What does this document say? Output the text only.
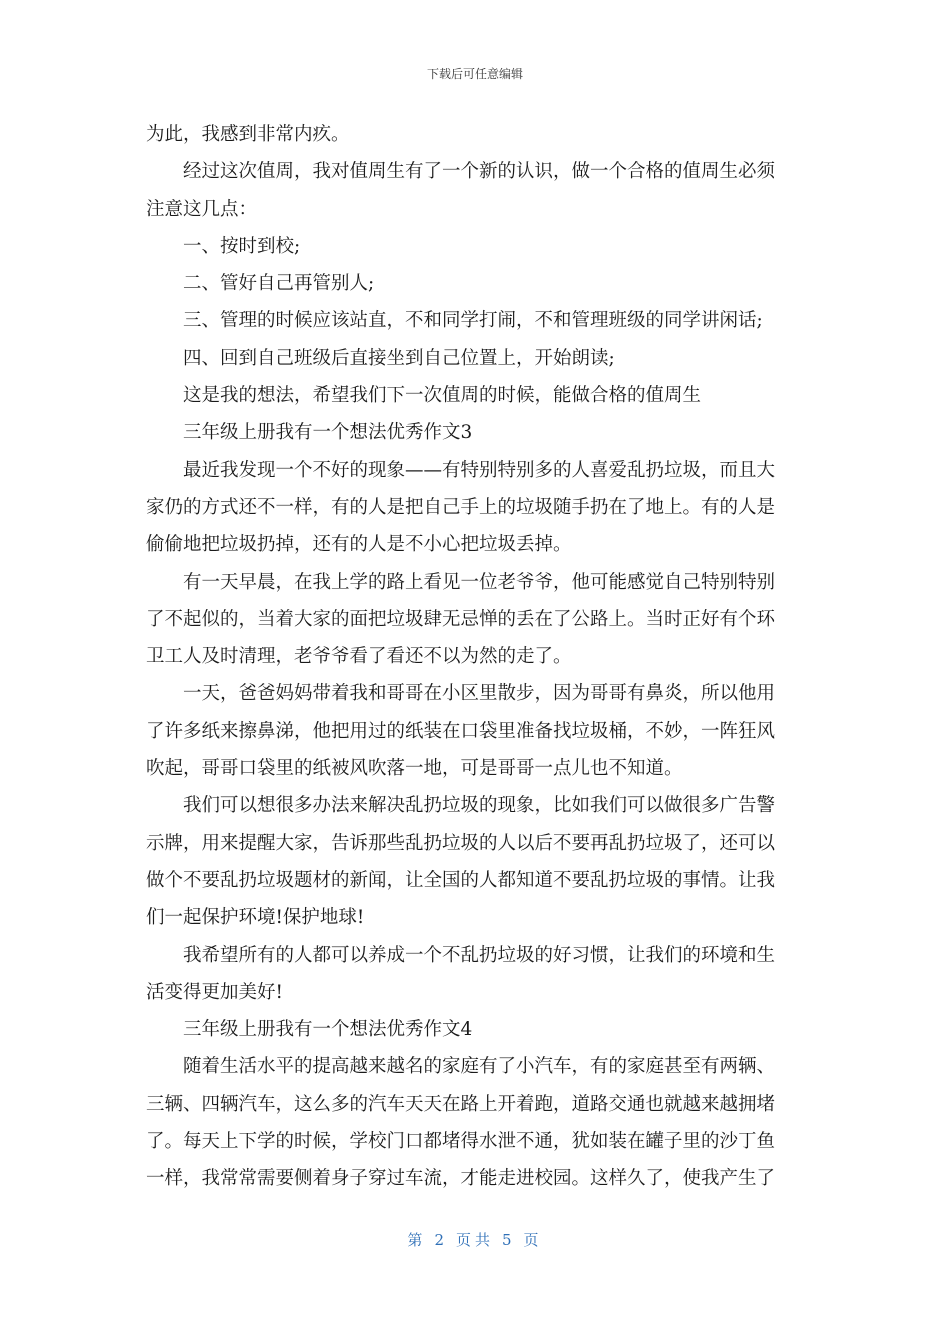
下载后可任意编辑
为此，我感到非常内疚。
经过这次值周，我对值周生有了一个新的认识，做一个合格的值周生必须
注意这几点：
一、按时到校;
二、管好自己再管别人;
三、管理的时候应该站直，不和同学打闹，不和管理班级的同学讲闲话;
四、回到自己班级后直接坐到自己位置上，开始朗读;
这是我的想法，希望我们下一次值周的时候，能做合格的值周生
三年级上册我有一个想法优秀作文3
最近我发现一个不好的现象——有特别特别多的人喜爱乱扔垃圾，而且大
家仍的方式还不一样，有的人是把自己手上的垃圾随手扔在了地上。有的人是
偷偷地把垃圾扔掉，还有的人是不小心把垃圾丢掉。
有一天早晨，在我上学的路上看见一位老爷爷，他可能感觉自己特别特别
了不起似的，当着大家的面把垃圾肆无忌惮的丢在了公路上。当时正好有个环
卫工人及时清理，老爷爷看了看还不以为然的走了。
一天，爸爸妈妈带着我和哥哥在小区里散步，因为哥哥有鼻炎，所以他用
了许多纸来擦鼻涕，他把用过的纸装在口袋里准备找垃圾桶，不妙，一阵狂风
吹起，哥哥口袋里的纸被风吹落一地，可是哥哥一点儿也不知道。
我们可以想很多办法来解决乱扔垃圾的现象，比如我们可以做很多广告警
示牌，用来提醒大家，告诉那些乱扔垃圾的人以后不要再乱扔垃圾了，还可以
做个不要乱扔垃圾题材的新闻，让全国的人都知道不要乱扔垃圾的事情。让我
们一起保护环境!保护地球!
我希望所有的人都可以养成一个不乱扔垃圾的好习惯，让我们的环境和生
活变得更加美好!
三年级上册我有一个想法优秀作文4
随着生活水平的提高越来越名的家庭有了小汽车，有的家庭甚至有两辆、
三辆、四辆汽车，这么多的汽车天天在路上开着跑，道路交通也就越来越拥堵
了。每天上下学的时候，学校门口都堵得水泄不通，犹如装在罐子里的沙丁鱼
一样，我常常需要侧着身子穿过车流，才能走进校园。这样久了，使我产生了
第 2 页共 5 页
